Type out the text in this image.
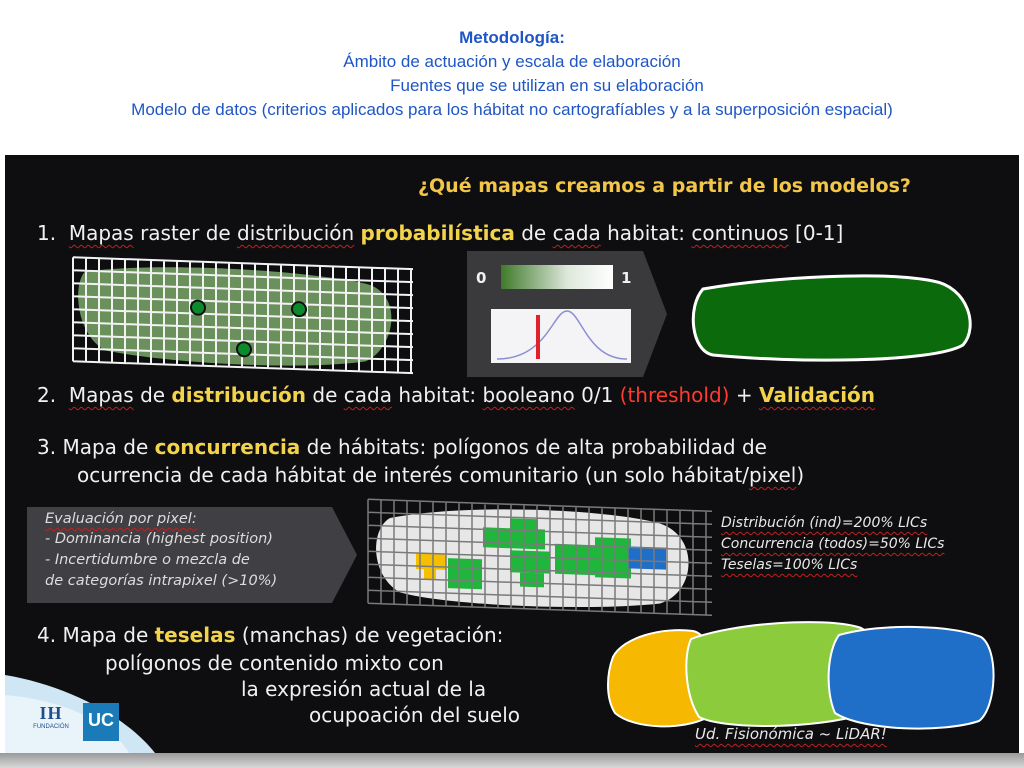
Metodología:
Ámbito de actuación y escala de elaboración
Fuentes que se utilizan en su elaboración
Modelo de datos (criterios aplicados para los hábitat no cartografíables y a la superposición espacial)
¿Qué mapas creamos a partir de los modelos?
1. Mapas raster de distribución probabilística de cada habitat: continuos [0-1]
0	1
2. Mapas de distribución de cada habitat: booleano 0/1 (threshold) + Validación
3. Mapa de concurrencia de hábitats: polígonos de alta probabilidad de
ocurrencia de cada hábitat de interés comunitario (un solo hábitat/pixel)
Evaluación por pixel:
- Dominancia (highest position)
- Incertidumbre o mezcla de
de categorías intrapixel (>10%)
Distribución (ind)=200% LICs
Concurrencia (todos)=50% LICs
Teselas=100% LICs
4. Mapa de teselas (manchas) de vegetación:
polígonos de contenido mixto con
la expresión actual de la
ocupoación del suelo
Ud. Fisionómica ~ LiDAR!
IH
FUNDACIÓN	UC
